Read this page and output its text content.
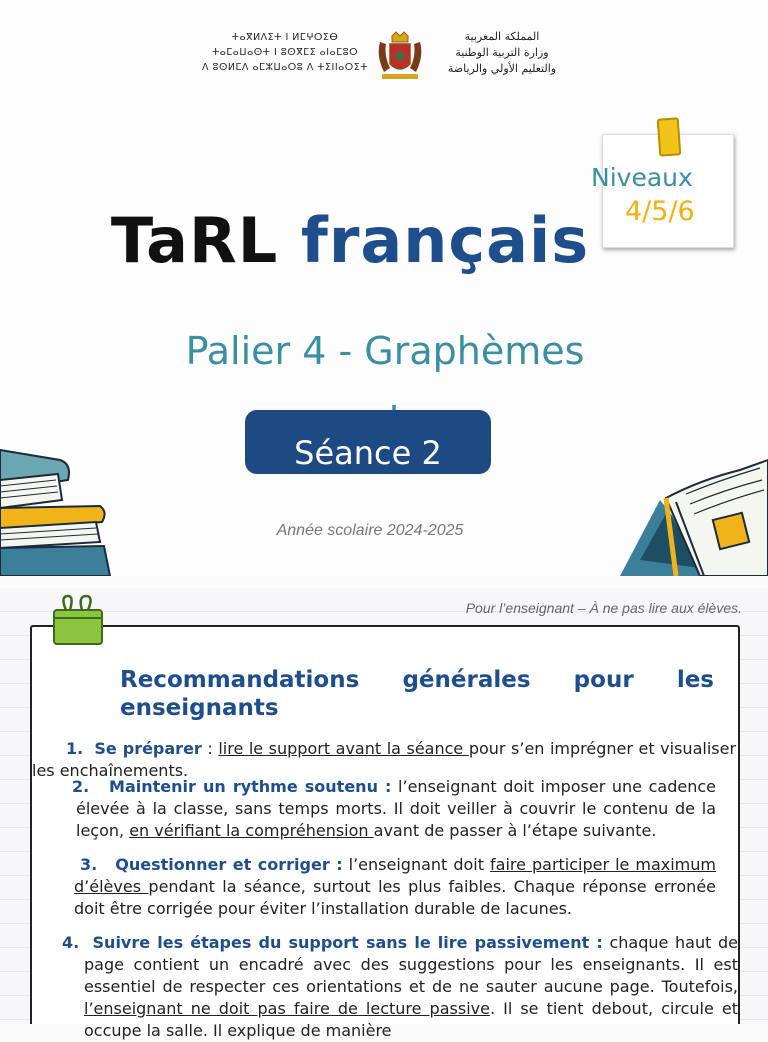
ⵜⴰⴳⵍⴷⵉⵜ ⵏ ⵍⵎⵖⵔⵉⴱ
ⵜⴰⵎⴰⵡⴰⵙⵜ ⵏ ⵓⵙⴳⵎⵉ ⴰⵏⴰⵎⵓⵔ
ⴷ ⵓⵙⵍⵎⴷ ⴰⵎⵣⵡⴰⵔⵓ ⴷ ⵜⵉⵏⵏⴰⵔⵉⵜ
المملكة المغربية
وزارة التربية الوطنية
والتعليم الأولي والرياضة
Niveaux
4/5/6
TaRL français
Palier 4 - Graphèmes
Séance 2
Année scolaire 2024-2025
Pour l’enseignant – À ne pas lire aux élèves.
Recommandations générales pour les
enseignants
1. Se préparer : lire le support avant la séance pour s’en imprégner et visualiser les enchaînements.
2. Maintenir un rythme soutenu : l’enseignant doit imposer une cadence élevée à la classe, sans temps morts. Il doit veiller à couvrir le contenu de la leçon, en vérifiant la compréhension avant de passer à l’étape suivante.
3. Questionner et corriger : l’enseignant doit faire participer le maximum d’élèves pendant la séance, surtout les plus faibles. Chaque réponse erronée doit être corrigée pour éviter l’installation durable de lacunes.
4. Suivre les étapes du support sans le lire passivement : chaque haut de page contient un encadré avec des suggestions pour les enseignants. Il est essentiel de respecter ces orientations et de ne sauter aucune page. Toutefois, l’enseignant ne doit pas faire de lecture passive. Il se tient debout, circule et occupe la salle. Il explique de manière
